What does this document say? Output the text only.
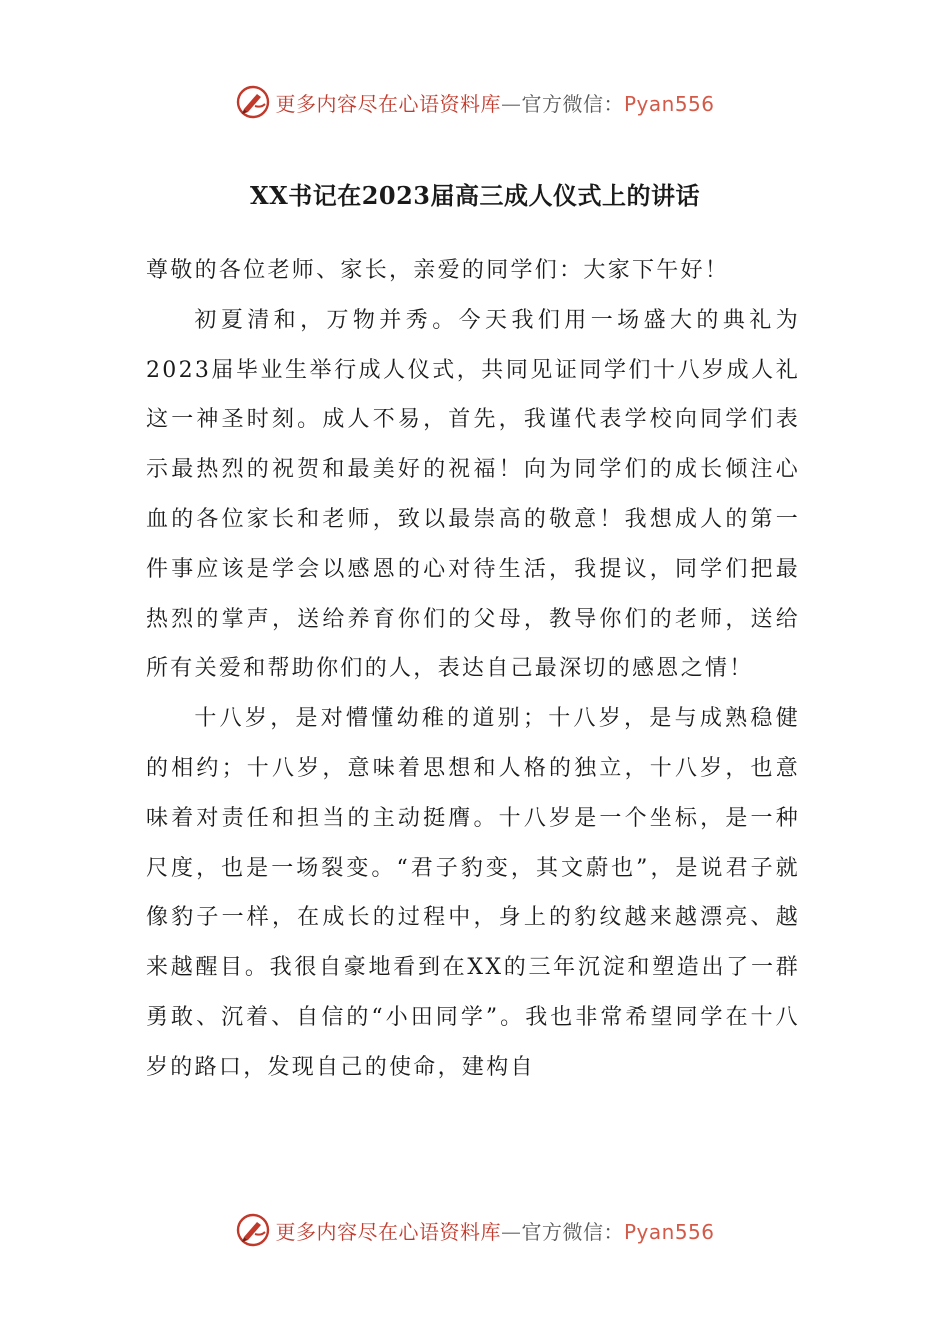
更多内容尽在心语资料库—官方微信：Pyan556
XX书记在2023届高三成人仪式上的讲话

尊敬的各位老师、家长，亲爱的同学们：大家下午好！

初夏清和，万物并秀。今天我们用一场盛大的典礼为2023届毕业生举行成人仪式，共同见证同学们十八岁成人礼这一神圣时刻。成人不易，首先，我谨代表学校向同学们表示最热烈的祝贺和最美好的祝福！向为同学们的成长倾注心血的各位家长和老师，致以最崇高的敬意！我想成人的第一件事应该是学会以感恩的心对待生活，我提议，同学们把最热烈的掌声，送给养育你们的父母，教导你们的老师，送给所有关爱和帮助你们的人，表达自己最深切的感恩之情！

十八岁，是对懵懂幼稚的道别；十八岁，是与成熟稳健的相约；十八岁，意味着思想和人格的独立，十八岁，也意味着对责任和担当的主动挺膺。十八岁是一个坐标，是一种尺度，也是一场裂变。“君子豹变，其文蔚也”，是说君子就像豹子一样，在成长的过程中，身上的豹纹越来越漂亮、越来越醒目。我很自豪地看到在XX的三年沉淀和塑造出了一群勇敢、沉着、自信的“小田同学”。我也非常希望同学在十八岁的路口，发现自己的使命，建构自

更多内容尽在心语资料库—官方微信：Pyan556
